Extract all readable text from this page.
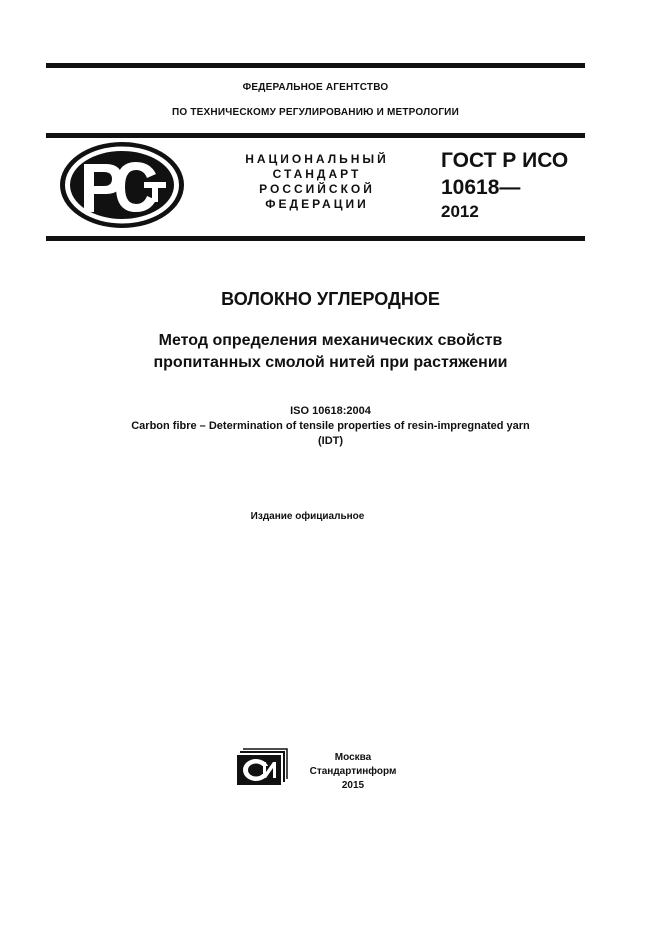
ФЕДЕРАЛЬНОЕ АГЕНТСТВО
ПО ТЕХНИЧЕСКОМУ РЕГУЛИРОВАНИЮ И МЕТРОЛОГИИ
НАЦИОНАЛЬНЫЙ
СТАНДАРТ
РОССИЙСКОЙ
ФЕДЕРАЦИИ
ГОСТ Р ИСО
10618—
2012
ВОЛОКНО УГЛЕРОДНОЕ
Метод определения механических свойств
пропитанных смолой нитей при растяжении
ISO 10618:2004
Carbon fibre – Determination of tensile properties of resin-impregnated yarn
(IDT)
Издание официальное
Москва
Стандартинформ
2015
